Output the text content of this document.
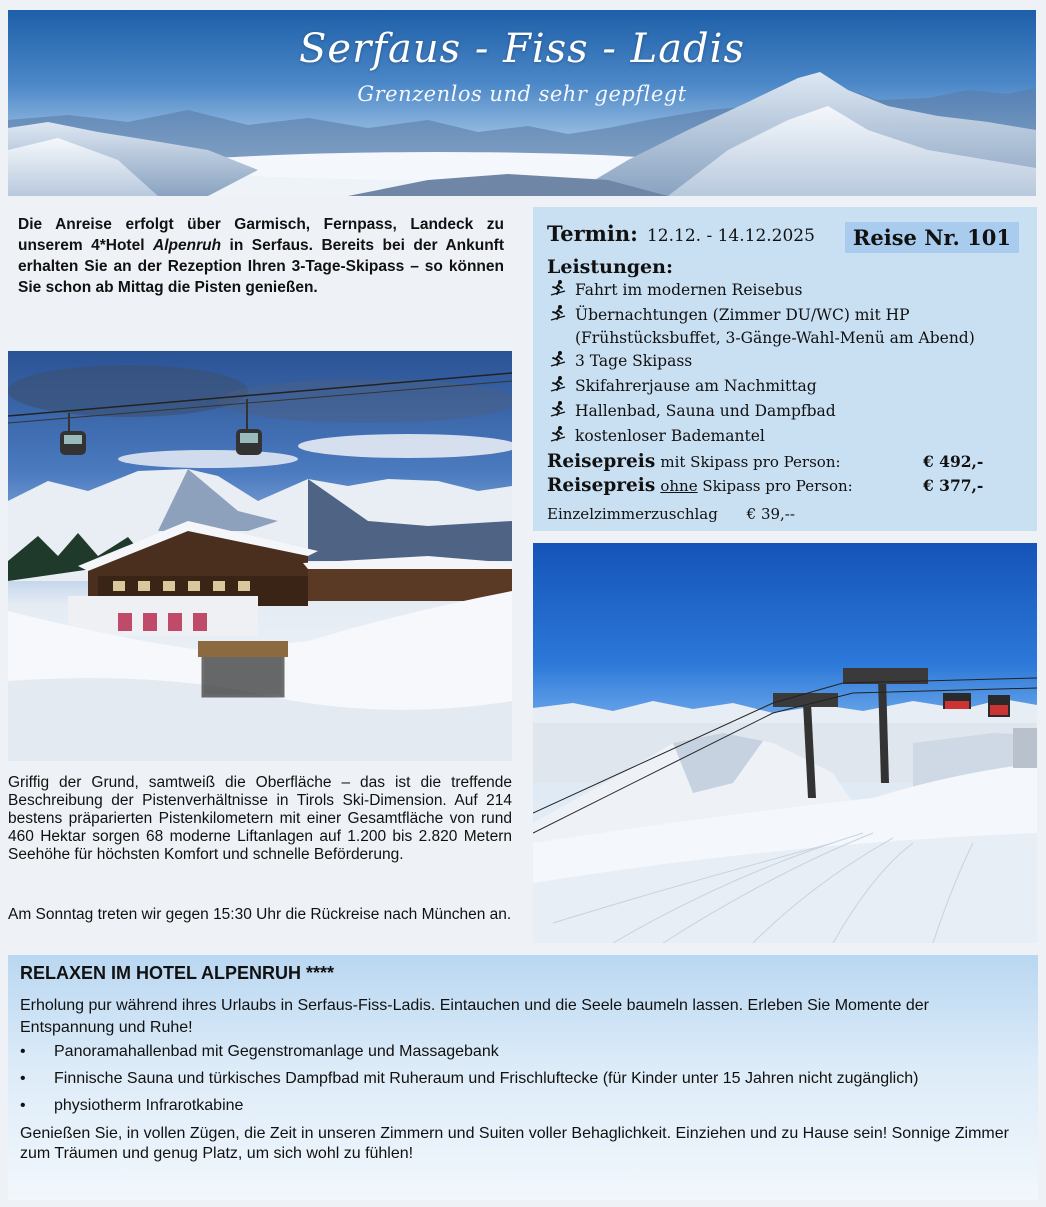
Serfaus - Fiss - Ladis
Grenzenlos und sehr gepflegt
Die Anreise erfolgt über Garmisch, Fernpass, Landeck zu unserem 4*Hotel Alpenruh in Serfaus. Bereits bei der Ankunft erhalten Sie an der Rezeption Ihren 3-Tage-Skipass – so können Sie schon ab Mittag die Pisten genießen.
Termin: 12.12. - 14.12.2025	Reise Nr. 101
Leistungen:
Fahrt im modernen Reisebus
Übernachtungen (Zimmer DU/WC) mit HP
(Frühstücksbuffet, 3-Gänge-Wahl-Menü am Abend)
3 Tage Skipass
Skifahrerjause am Nachmittag
Hallenbad, Sauna und Dampfbad
kostenloser Bademantel
Reisepreis mit Skipass pro Person:	€ 492,-
Reisepreis ohne Skipass pro Person:	€ 377,-
Einzelzimmerzuschlag € 39,--
Griffig der Grund, samtweiß die Oberfläche – das ist die treffende Beschreibung der Pistenverhältnisse in Tirols Ski-Dimension. Auf 214 bestens präparierten Pistenkilometern mit einer Gesamtfläche von rund 460 Hektar sorgen 68 moderne Liftanlagen auf 1.200 bis 2.820 Metern Seehöhe für höchsten Komfort und schnelle Beförderung.
Am Sonntag treten wir gegen 15:30 Uhr die Rückreise nach München an.
RELAXEN IM HOTEL ALPENRUH ****

Erholung pur während ihres Urlaubs in Serfaus-Fiss-Ladis. Eintauchen und die Seele baumeln lassen. Erleben Sie Momente der Entspannung und Ruhe!

• Panoramahallenbad mit Gegenstromanlage und Massagebank
• Finnische Sauna und türkisches Dampfbad mit Ruheraum und Frischluftecke (für Kinder unter 15 Jahren nicht zugänglich)
• physiotherm Infrarotkabine

Genießen Sie, in vollen Zügen, die Zeit in unseren Zimmern und Suiten voller Behaglichkeit. Einziehen und zu Hause sein! Sonnige Zimmer zum Träumen und genug Platz, um sich wohl zu fühlen!
